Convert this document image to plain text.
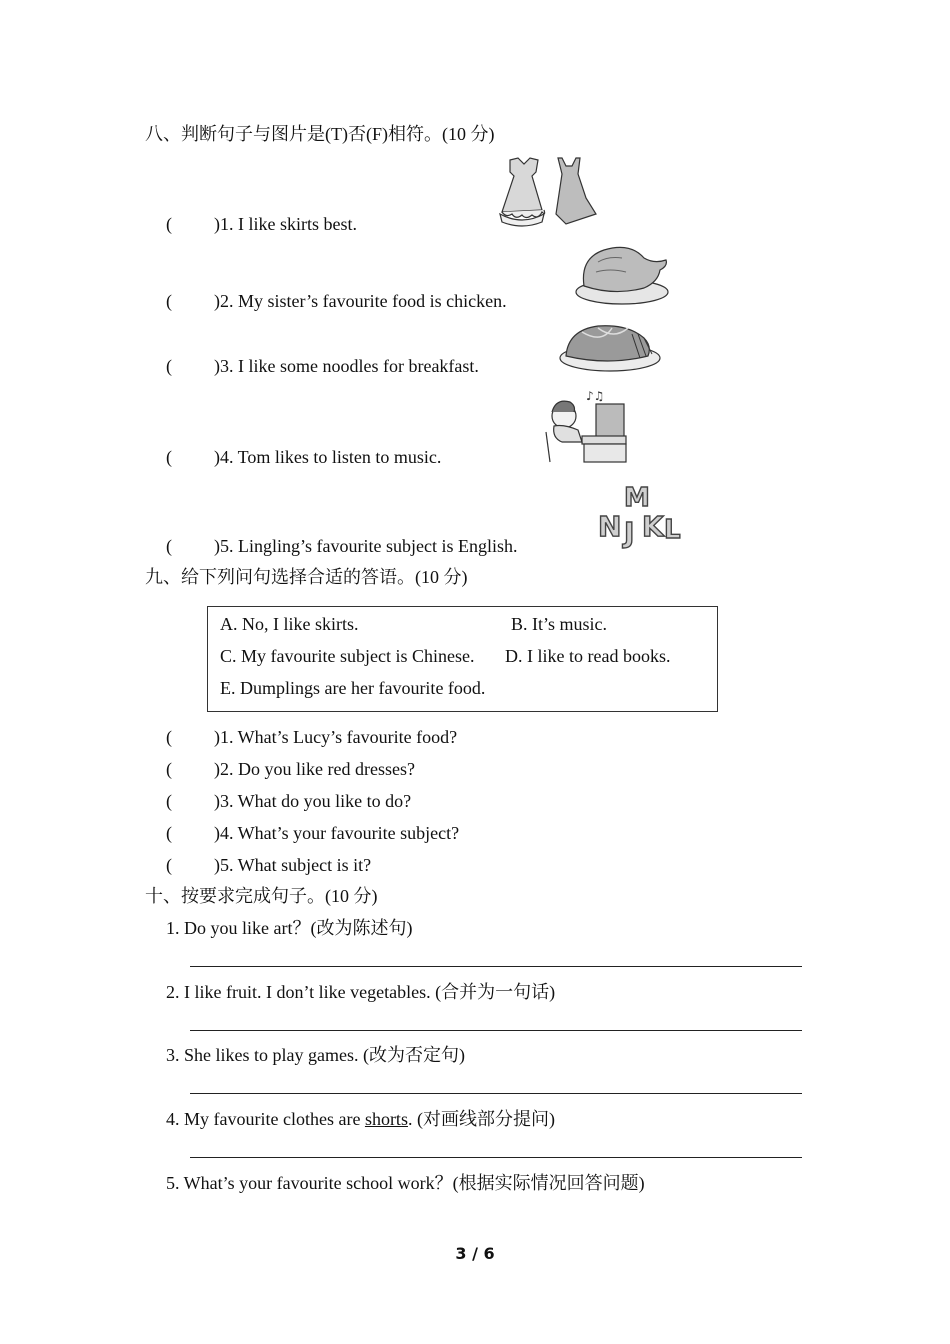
八、判断句子与图片是(T)否(F)相符。(10 分)
( )1. I like skirts best.
( )2. My sister’s favourite food is chicken.
( )3. I like some noodles for breakfast.
( )4. Tom likes to listen to music.
( )5. Lingling’s favourite subject is English.
♪♫
M
N J K L
九、给下列问句选择合适的答语。(10 分)
A. No, I like skirts.	B. It’s music.
C. My favourite subject is Chinese. D. I like to read books.
E. Dumplings are her favourite food.
( )1. What’s Lucy’s favourite food?
( )2. Do you like red dresses?
( )3. What do you like to do?
( )4. What’s your favourite subject?
( )5. What subject is it?
十、按要求完成句子。(10 分)
1. Do you like art？(改为陈述句)
2. I like fruit. I don’t like vegetables. (合并为一句话)
3. She likes to play games. (改为否定句)
4. My favourite clothes are shorts. (对画线部分提问)
5. What’s your favourite school work？(根据实际情况回答问题)
3 / 6
